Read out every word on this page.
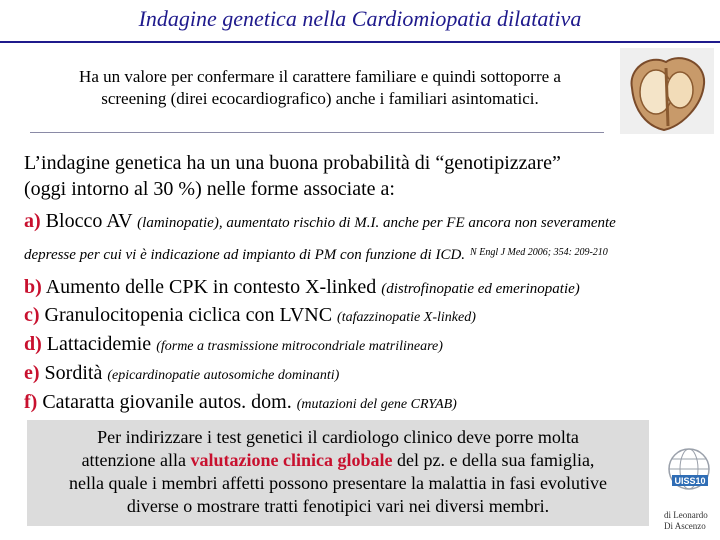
Indagine genetica nella Cardiomiopatia dilatativa
Ha un valore per confermare il carattere familiare e quindi sottoporre a
screening (direi ecocardiografico) anche i familiari asintomatici.

L’indagine genetica ha un una buona probabilità di “genotipizzare”

(oggi intorno al 30 %) nelle forme associate a:

a) Blocco AV (laminopatie), aumentato rischio di M.I. anche per FE ancora non severamente

depresse per cui vi è indicazione ad impianto di PM con funzione di ICD. $^{N Engl J Med 2006; 354: 209-210}$

b) Aumento delle CPK in contesto X-linked (distrofinopatie ed emerinopatie)

c) Granulocitopenia ciclica con LVNC (tafazzinopatie X-linked)

d) Lattacidemie (forme a trasmissione mitrocondriale matrilineare)

e) Sordità (epicardinopatie autosomiche dominanti)

f) Cataratta giovanile autos. dom. (mutazioni del gene CRYAB)

Per indirizzare i test genetici il cardiologo clinico deve porre molta
attenzione alla valutazione clinica globale del pz. e della sua famiglia,
nella quale i membri affetti possono presentare la malattia in fasi evolutive
diverse o mostrare tratti fenotipici vari nei diversi membri.
UISS10
di Leonardo
Di Ascenzo
